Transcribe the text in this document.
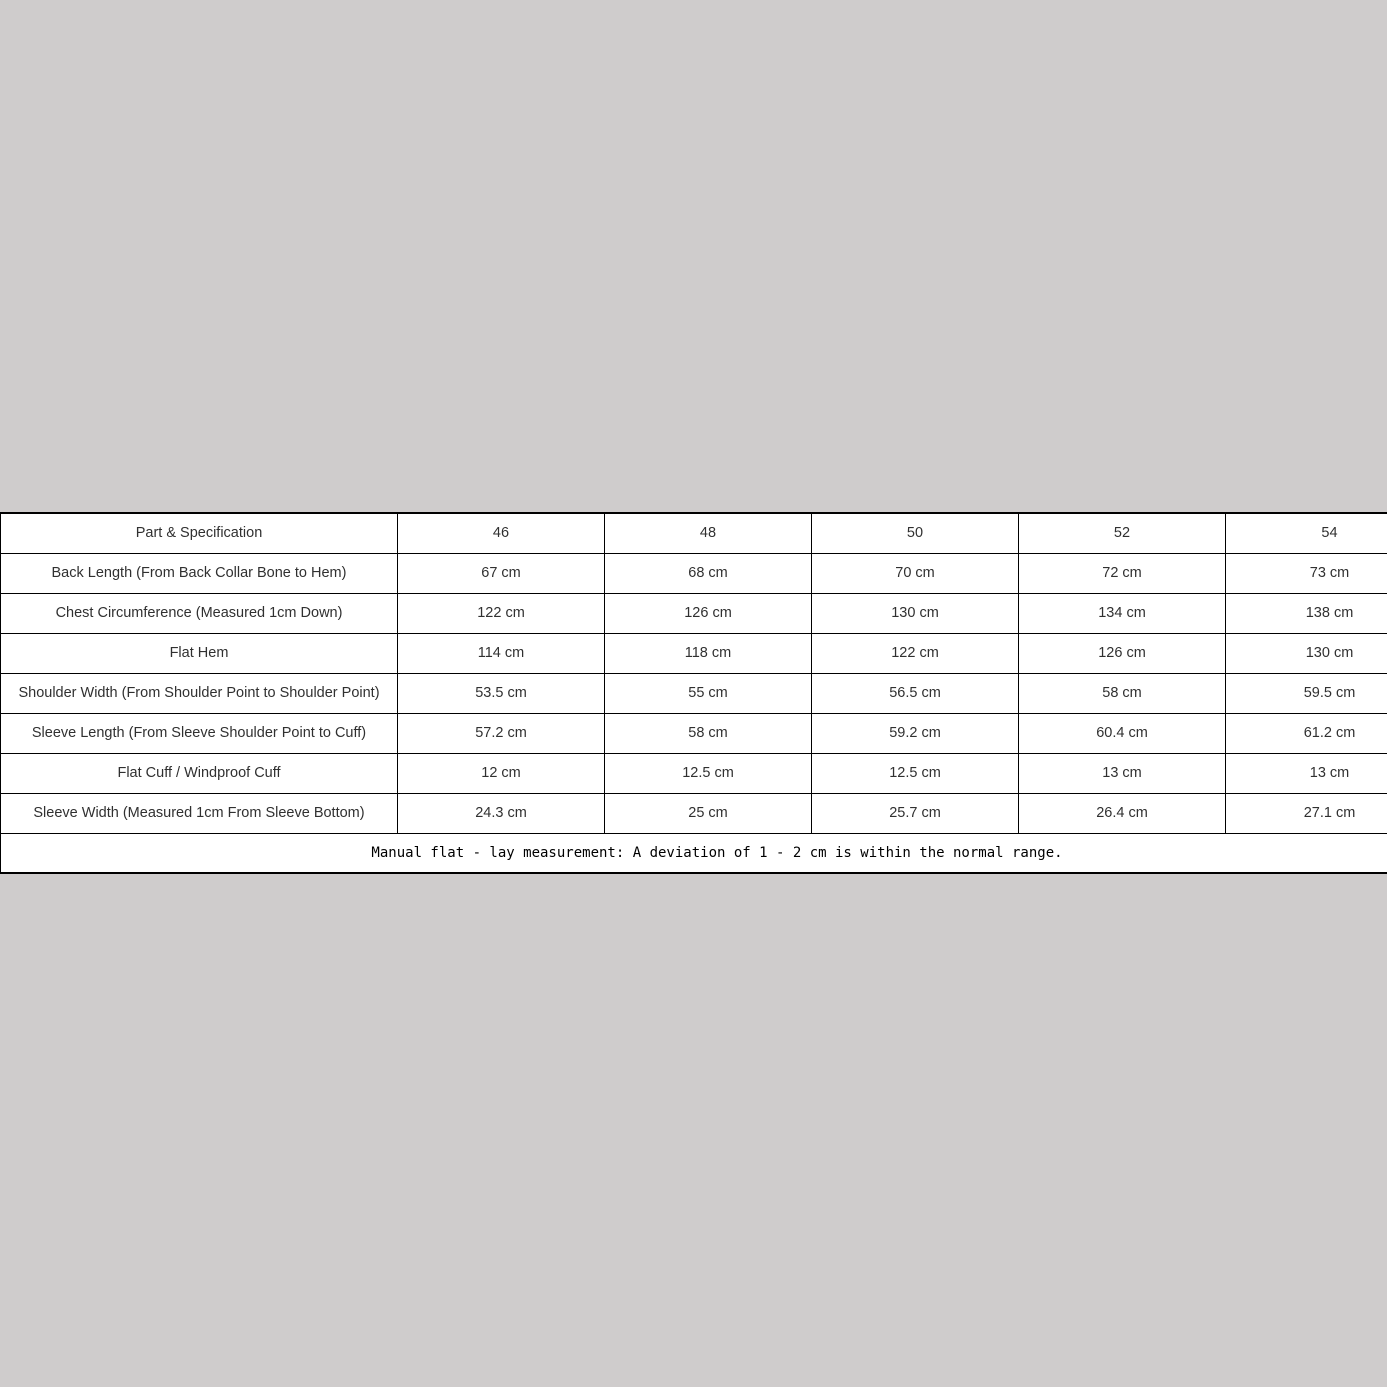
Part & Specification	46	48	50	52	54
Back Length (From Back Collar Bone to Hem)	67 cm	68 cm	70 cm	72 cm	73 cm
Chest Circumference (Measured 1cm Down)	122 cm	126 cm	130 cm	134 cm	138 cm
Flat Hem	114 cm	118 cm	122 cm	126 cm	130 cm
Shoulder Width (From Shoulder Point to Shoulder Point)	53.5 cm	55 cm	56.5 cm	58 cm	59.5 cm
Sleeve Length (From Sleeve Shoulder Point to Cuff)	57.2 cm	58 cm	59.2 cm	60.4 cm	61.2 cm
Flat Cuff / Windproof Cuff	12 cm	12.5 cm	12.5 cm	13 cm	13 cm
Sleeve Width (Measured 1cm From Sleeve Bottom)	24.3 cm	25 cm	25.7 cm	26.4 cm	27.1 cm
Manual flat - lay measurement: A deviation of 1 - 2 cm is within the normal range.					
